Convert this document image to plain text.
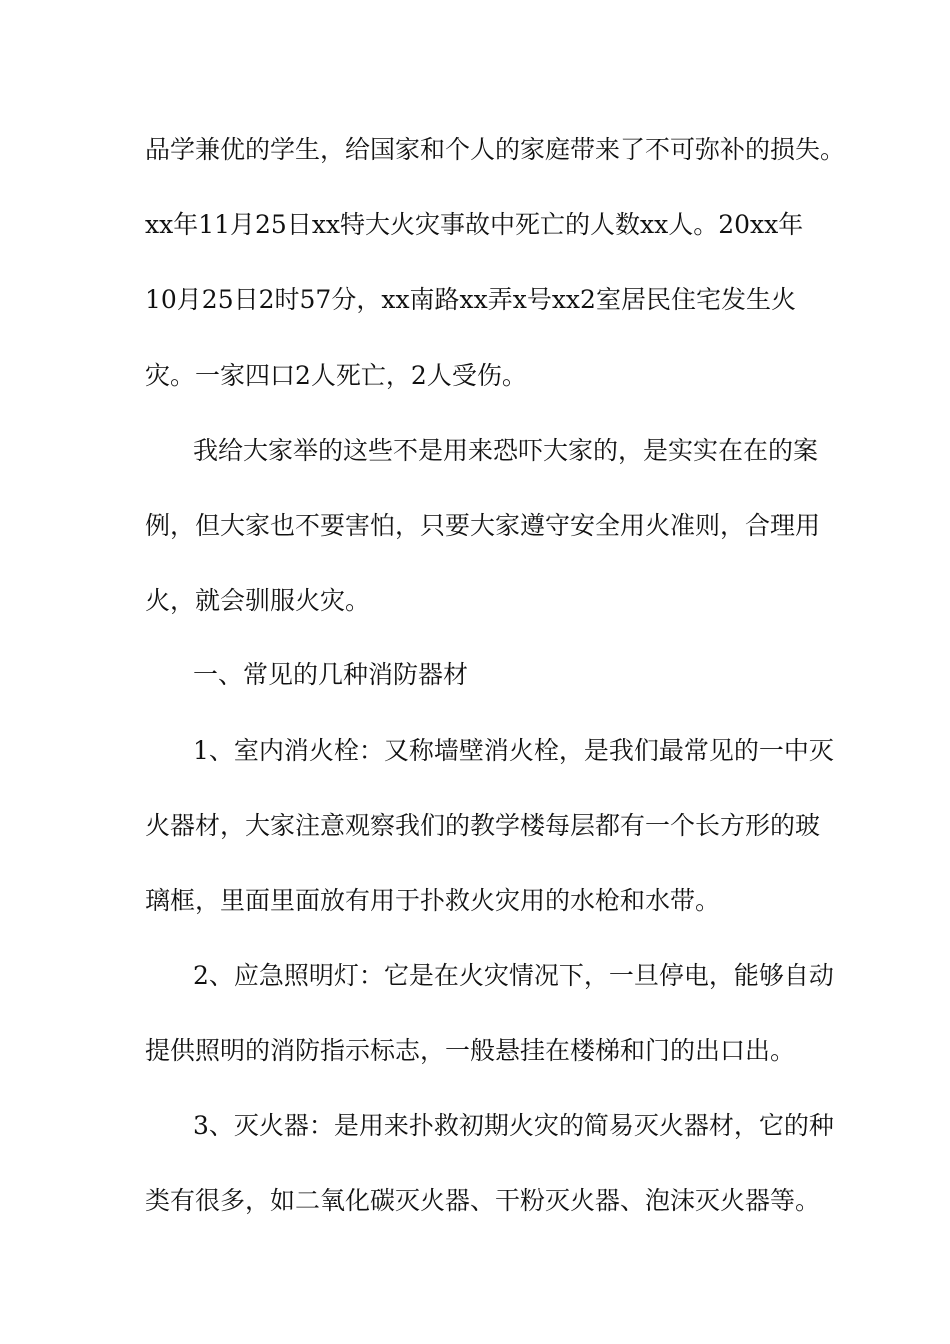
品学兼优的学生，给国家和个人的家庭带来了不可弥补的损失。
xx年11月25日xx特大火灾事故中死亡的人数xx人。20xx年
10月25日2时57分，xx南路xx弄x号xx2室居民住宅发生火
灾。一家四口2人死亡，2人受伤。
我给大家举的这些不是用来恐吓大家的，是实实在在的案
例，但大家也不要害怕，只要大家遵守安全用火准则，合理用
火，就会驯服火灾。
一、常见的几种消防器材
1、室内消火栓：又称墙壁消火栓，是我们最常见的一中灭
火器材，大家注意观察我们的教学楼每层都有一个长方形的玻
璃框，里面里面放有用于扑救火灾用的水枪和水带。
2、应急照明灯：它是在火灾情况下，一旦停电，能够自动
提供照明的消防指示标志，一般悬挂在楼梯和门的出口出。
3、灭火器：是用来扑救初期火灾的简易灭火器材，它的种
类有很多，如二氧化碳灭火器、干粉灭火器、泡沫灭火器等。
